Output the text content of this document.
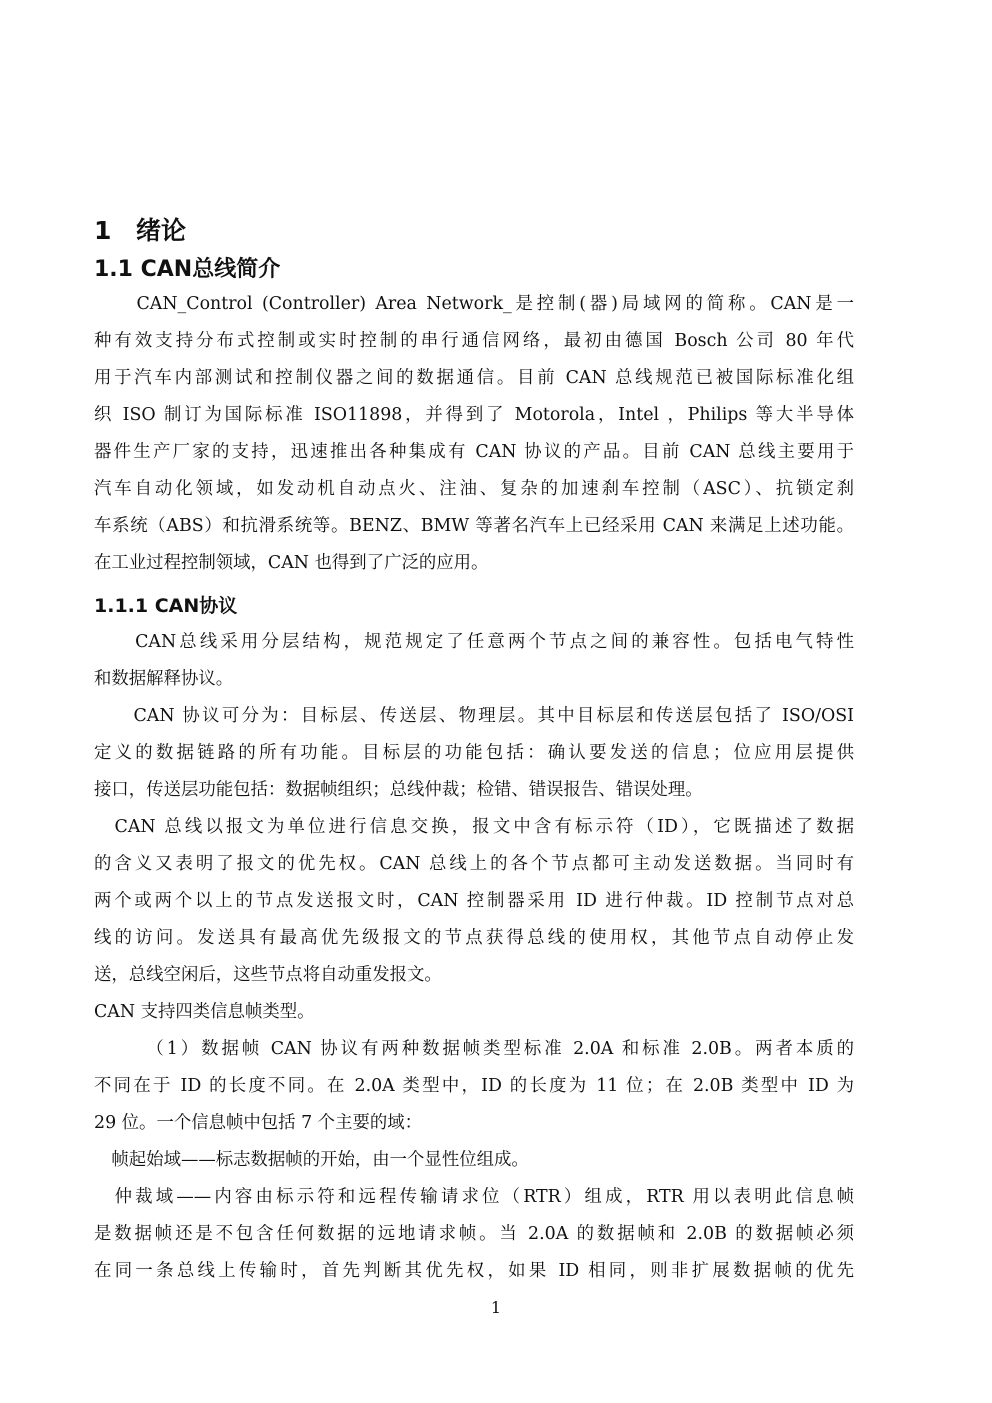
1 绪论
1.1 CAN总线简介
　　CAN_Control (Controller) Area Network_是控制(器)局域网的简称。CAN是一
种有效支持分布式控制或实时控制的串行通信网络，最初由德国 Bosch 公司 80 年代
用于汽车内部测试和控制仪器之间的数据通信。目前 CAN 总线规范已被国际标准化组
织 ISO 制订为国际标准 ISO11898，并得到了 Motorola，Intel ，Philips 等大半导体
器件生产厂家的支持，迅速推出各种集成有 CAN 协议的产品。目前 CAN 总线主要用于
汽车自动化领域，如发动机自动点火、注油、复杂的加速刹车控制（ASC）、抗锁定刹
车系统（ABS）和抗滑系统等。BENZ、BMW 等著名汽车上已经采用 CAN 来满足上述功能。
在工业过程控制领域，CAN 也得到了广泛的应用。
1.1.1 CAN协议
　　CAN总线采用分层结构，规范规定了任意两个节点之间的兼容性。包括电气特性
和数据解释协议。
　　CAN 协议可分为：目标层、传送层、物理层。其中目标层和传送层包括了 ISO/OSI
定义的数据链路的所有功能。目标层的功能包括：确认要发送的信息；位应用层提供
接口，传送层功能包括：数据帧组织；总线仲裁；检错、错误报告、错误处理。
　CAN 总线以报文为单位进行信息交换，报文中含有标示符（ID），它既描述了数据
的含义又表明了报文的优先权。CAN 总线上的各个节点都可主动发送数据。当同时有
两个或两个以上的节点发送报文时，CAN 控制器采用 ID 进行仲裁。ID 控制节点对总
线的访问。发送具有最高优先级报文的节点获得总线的使用权，其他节点自动停止发
送，总线空闲后，这些节点将自动重发报文。
CAN 支持四类信息帧类型。
　　　（1）数据帧 CAN 协议有两种数据帧类型标准 2.0A 和标准 2.0B。两者本质的
不同在于 ID 的长度不同。在 2.0A 类型中，ID 的长度为 11 位；在 2.0B 类型中 ID 为
29 位。一个信息帧中包括 7 个主要的域：
　帧起始域——标志数据帧的开始，由一个显性位组成。
　仲裁域——内容由标示符和远程传输请求位（RTR）组成，RTR 用以表明此信息帧
是数据帧还是不包含任何数据的远地请求帧。当 2.0A 的数据帧和 2.0B 的数据帧必须
在同一条总线上传输时，首先判断其优先权，如果 ID 相同，则非扩展数据帧的优先
1
